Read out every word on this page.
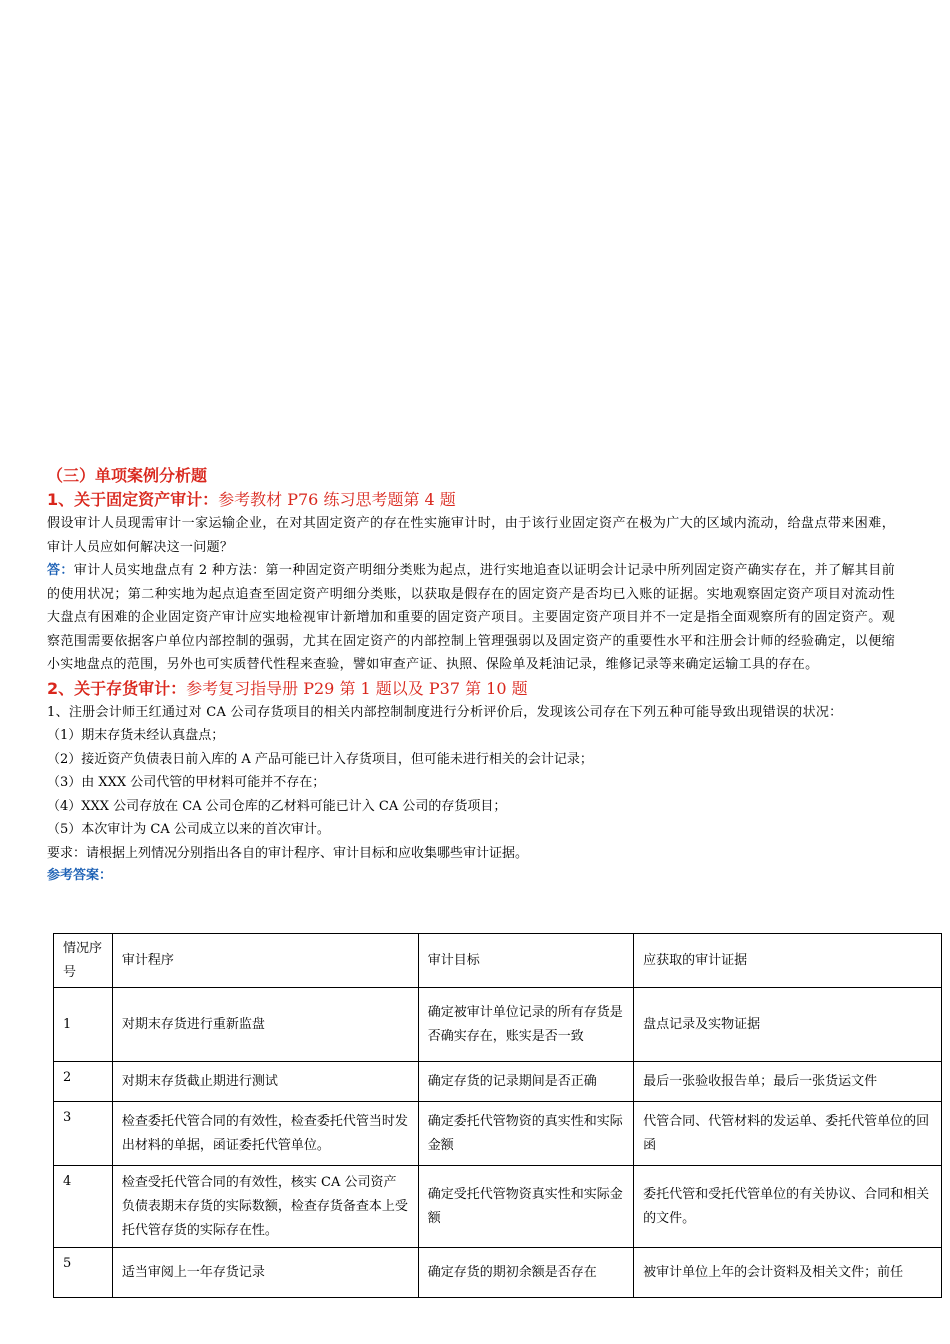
（三）单项案例分析题
1、关于固定资产审计：参考教材 P76 练习思考题第 4 题

假设审计人员现需审计一家运输企业，在对其固定资产的存在性实施审计时，由于该行业固定资产在极为广大的区域内流动，给盘点带来困难，审计人员应如何解决这一问题？

答：审计人员实地盘点有 2 种方法：第一种固定资产明细分类账为起点，进行实地追查以证明会计记录中所列固定资产确实存在，并了解其目前的使用状况；第二种实地为起点追查至固定资产明细分类账，以获取是假存在的固定资产是否均已入账的证据。实地观察固定资产项目对流动性大盘点有困难的企业固定资产审计应实地检视审计新增加和重要的固定资产项目。主要固定资产项目并不一定是指全面观察所有的固定资产。观察范围需要依据客户单位内部控制的强弱，尤其在固定资产的内部控制上管理强弱以及固定资产的重要性水平和注册会计师的经验确定，以便缩小实地盘点的范围，另外也可实质替代性程来查验，譬如审查产证、执照、保险单及耗油记录，维修记录等来确定运输工具的存在。

2、关于存货审计：参考复习指导册 P29 第 1 题以及 P37 第 10 题

1、注册会计师王红通过对 CA 公司存货项目的相关内部控制制度进行分析评价后，发现该公司存在下列五种可能导致出现错误的状况：

（1）期末存货未经认真盘点；

（2）接近资产负债表日前入库的 A 产品可能已计入存货项目，但可能未进行相关的会计记录；

（3）由 XXX 公司代管的甲材料可能并不存在；

（4）XXX 公司存放在 CA 公司仓库的乙材料可能已计入 CA 公司的存货项目；

（5）本次审计为 CA 公司成立以来的首次审计。

要求：请根据上列情况分别指出各自的审计程序、审计目标和应收集哪些审计证据。

参考答案：
情况序号	审计程序	审计目标	应获取的审计证据
1	对期末存货进行重新监盘	确定被审计单位记录的所有存货是否确实存在，账实是否一致	盘点记录及实物证据
2	对期末存货截止期进行测试	确定存货的记录期间是否正确	最后一张验收报告单；最后一张货运文件
3	检查委托代管合同的有效性，检查委托代管当时发出材料的单据，函证委托代管单位。	确定委托代管物资的真实性和实际金额	代管合同、代管材料的发运单、委托代管单位的回函
4	检查受托代管合同的有效性，核实 CA 公司资产负债表期末存货的实际数额，检查存货备查本上受托代管存货的实际存在性。	确定受托代管物资真实性和实际金额	委托代管和受托代管单位的有关协议、合同和相关的文件。
5	适当审阅上一年存货记录	确定存货的期初余额是否存在	被审计单位上年的会计资料及相关文件；前任
